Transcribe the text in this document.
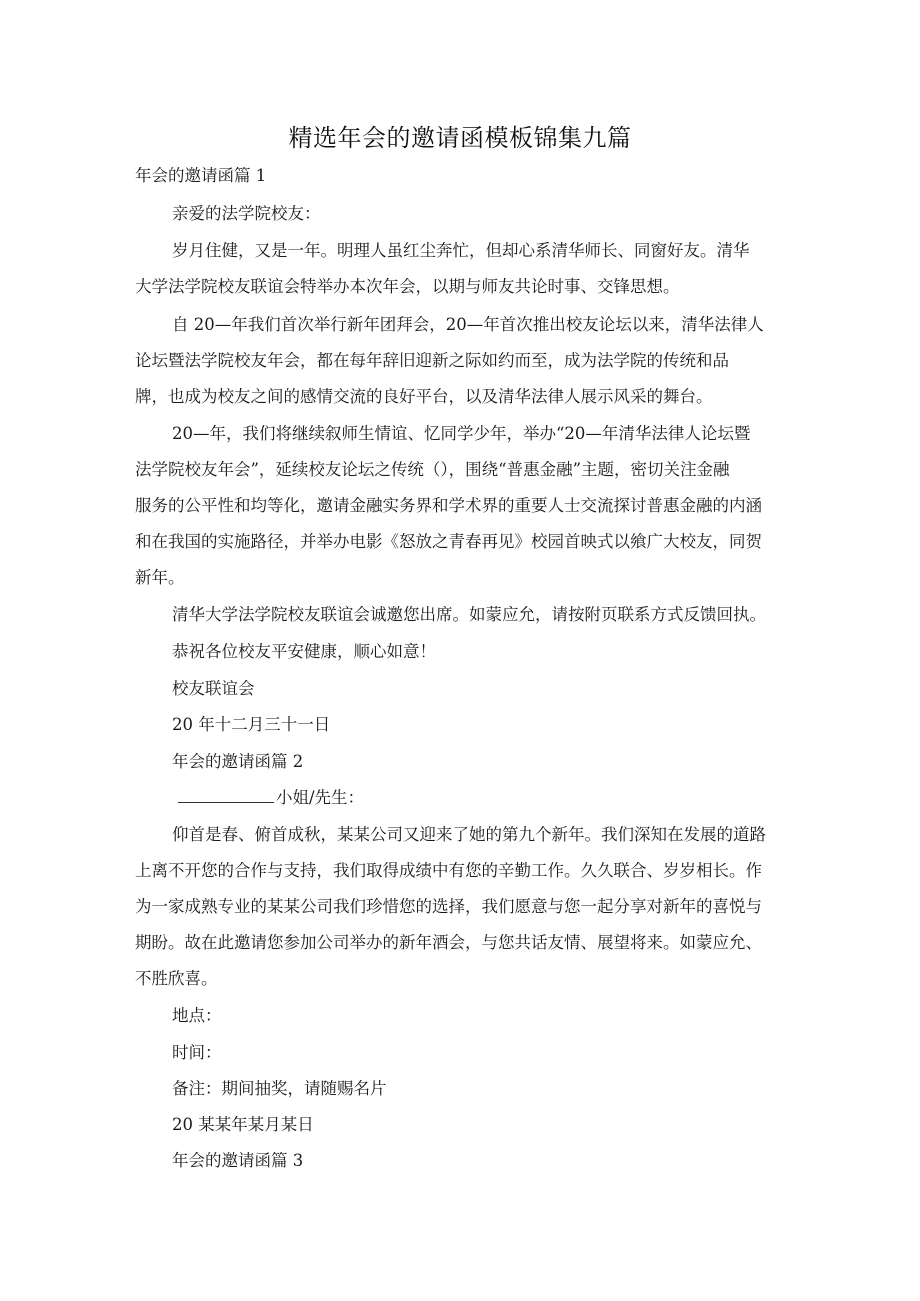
精选年会的邀请函模板锦集九篇
年会的邀请函篇 1
亲爱的法学院校友：
岁月住健，又是一年。明理人虽红尘奔忙，但却心系清华师长、同窗好友。清华
大学法学院校友联谊会特举办本次年会，以期与师友共论时事、交锋思想。
自 20—年我们首次举行新年团拜会，20—年首次推出校友论坛以来，清华法律人
论坛暨法学院校友年会，都在每年辞旧迎新之际如约而至，成为法学院的传统和品
牌，也成为校友之间的感情交流的良好平台，以及清华法律人展示风采的舞台。
20—年，我们将继续叙师生情谊、忆同学少年，举办“20—年清华法律人论坛暨
法学院校友年会”，延续校友论坛之传统（），围绕“普惠金融”主题，密切关注金融
服务的公平性和均等化，邀请金融实务界和学术界的重要人士交流探讨普惠金融的内涵
和在我国的实施路径，并举办电影《怒放之青春再见》校园首映式以飨广大校友，同贺
新年。
清华大学法学院校友联谊会诚邀您出席。如蒙应允，请按附页联系方式反馈回执。
恭祝各位校友平安健康，顺心如意！
校友联谊会
20 年十二月三十一日
年会的邀请函篇 2
小姐/先生：
仰首是春、俯首成秋，某某公司又迎来了她的第九个新年。我们深知在发展的道路
上离不开您的合作与支持，我们取得成绩中有您的辛勤工作。久久联合、岁岁相长。作
为一家成熟专业的某某公司我们珍惜您的选择，我们愿意与您一起分享对新年的喜悦与
期盼。故在此邀请您参加公司举办的新年酒会，与您共话友情、展望将来。如蒙应允、
不胜欣喜。
地点：
时间：
备注：期间抽奖，请随赐名片
20 某某年某月某日
年会的邀请函篇 3
